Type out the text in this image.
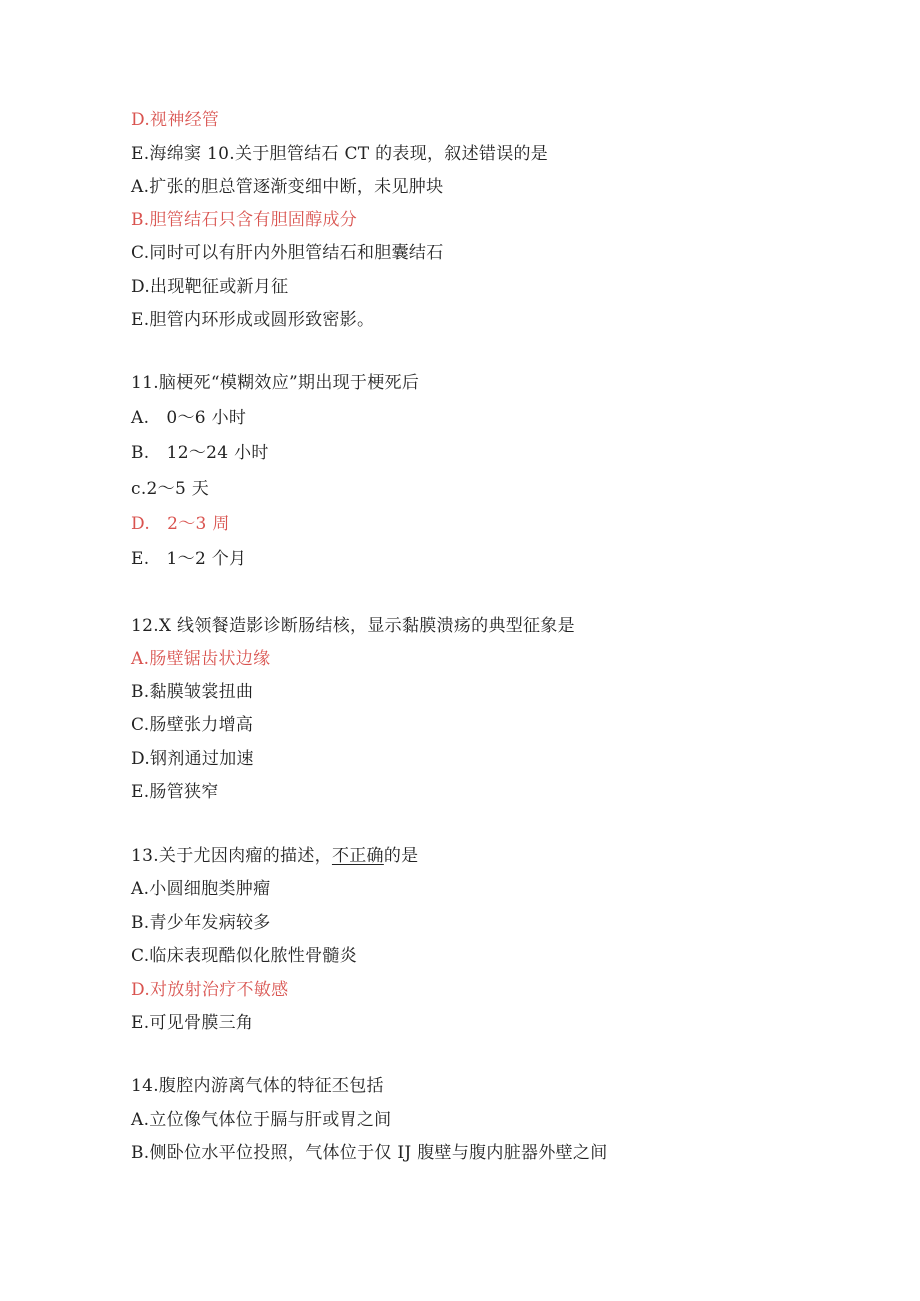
D.视神经管
E.海绵窦 10.关于胆管结石 CT 的表现，叙述错误的是
A.扩张的胆总管逐渐变细中断，未见肿块
B.胆管结石只含有胆固醇成分
C.同时可以有肝内外胆管结石和胆囊结石
D.出现靶征或新月征
E.胆管内环形成或圆形致密影。
11.脑梗死“模糊效应”期出现于梗死后
A.   0～6 小时
B.   12～24 小时
c.2～5 天
D.   2～3 周
E.   1～2 个月
12.X 线领餐造影诊断肠结核，显示黏膜溃疡的典型征象是
A.肠壁锯齿状边缘
B.黏膜皱裳扭曲
C.肠壁张力增高
D.钢剂通过加速
E.肠管狭窄
13.关于尤因肉瘤的描述，不正确的是
A.小圆细胞类肿瘤
B.青少年发病较多
C.临床表现酷似化脓性骨髓炎
D.对放射治疗不敏感
E.可见骨膜三角
14.腹腔内游离气体的特征丕包括
A.立位像气体位于膈与肝或胃之间
B.侧卧位水平位投照，气体位于仅 IJ 腹壁与腹内脏器外壁之间
